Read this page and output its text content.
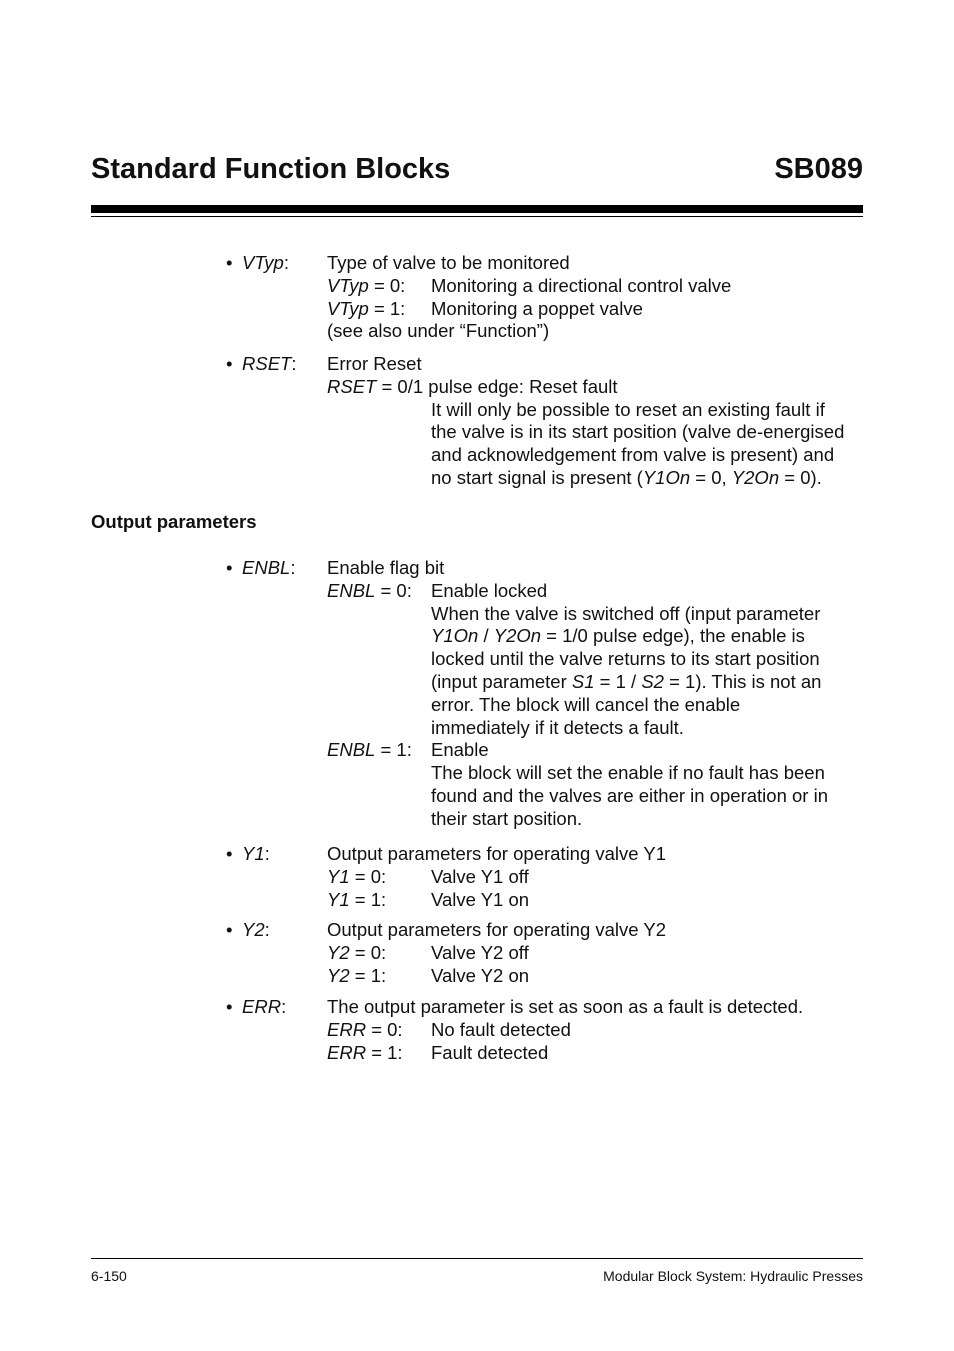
Standard Function Blocks	SB089
• VTyp: Type of valve to be monitored
VTyp = 0: Monitoring a directional control valve
VTyp = 1: Monitoring a poppet valve
(see also under “Function”)
• RSET: Error Reset
RSET = 0/1 pulse edge: Reset fault
It will only be possible to reset an existing fault if
the valve is in its start position (valve de-energised
and acknowledgement from valve is present) and
no start signal is present (Y1On = 0, Y2On = 0).
Output parameters
• ENBL: Enable flag bit
ENBL = 0: Enable locked
When the valve is switched off (input parameter
Y1On / Y2On = 1/0 pulse edge), the enable is
locked until the valve returns to its start position
(input parameter S1 = 1 / S2 = 1). This is not an
error. The block will cancel the enable
immediately if it detects a fault.
ENBL = 1: Enable
The block will set the enable if no fault has been
found and the valves are either in operation or in
their start position.
• Y1:	Output parameters for operating valve Y1
Y1 = 0: Valve Y1 off
Y1 = 1: Valve Y1 on
• Y2:	Output parameters for operating valve Y2
Y2 = 0: Valve Y2 off
Y2 = 1: Valve Y2 on
• ERR: The output parameter is set as soon as a fault is detected.
ERR = 0: No fault detected
ERR = 1: Fault detected
6-150	Modular Block System: Hydraulic Presses
